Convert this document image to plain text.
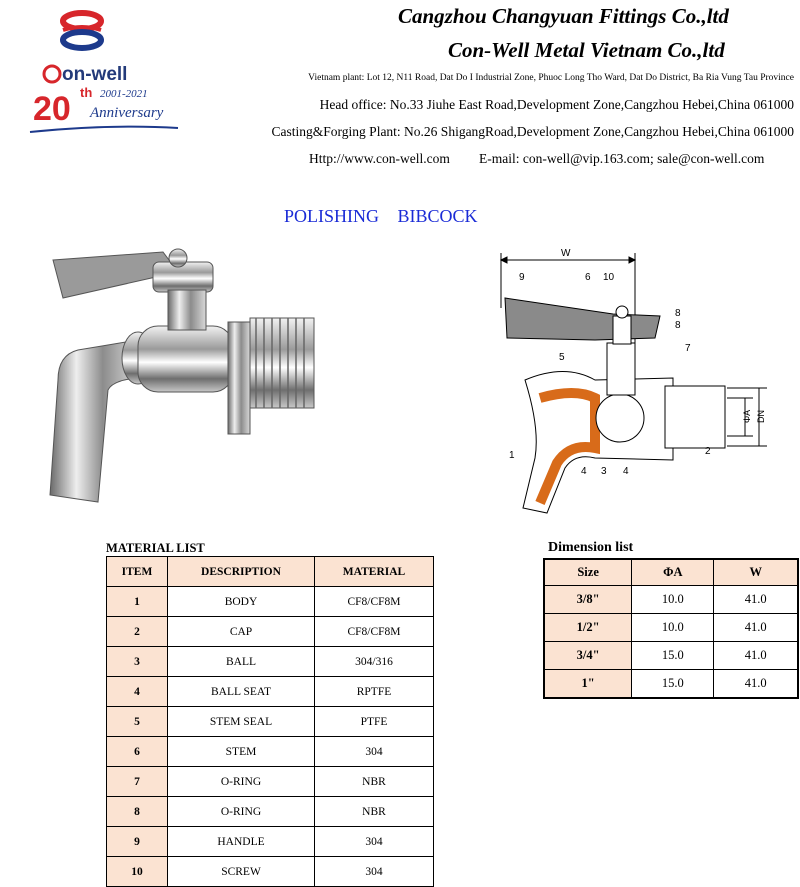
on-well
20 th 2001-2021
Anniversary
Cangzhou Changyuan Fittings Co.,ltd
Con-Well Metal Vietnam Co.,ltd
Vietnam plant: Lot 12, N11 Road, Dat Do I Industrial Zone, Phuoc Long Tho Ward, Dat Do District, Ba Ria Vung Tau Province
Head office: No.33 Jiuhe East Road,Development Zone,Cangzhou Hebei,China 061000
Casting&Forging Plant: No.26 ShigangRoad,Development Zone,Cangzhou Hebei,China 061000
Http://www.con-well.com E-mail: con-well@vip.163.com; sale@con-well.com
POLISHING BIBCOCK
W
ΦA DN
9	6 10
8
8
5
7
1
4 3 4
2
MATERIAL LIST
ITEM	DESCRIPTION	MATERIAL
1	BODY	CF8/CF8M
2	CAP	CF8/CF8M
3	BALL	304/316
4	BALL SEAT	RPTFE
5	STEM SEAL	PTFE
6	STEM	304
7	O-RING	NBR
8	O-RING	NBR
9	HANDLE	304
10	SCREW	304
Dimension list
Size	ΦA	W
3/8"	10.0	41.0
1/2"	10.0	41.0
3/4"	15.0	41.0
1"	15.0	41.0
